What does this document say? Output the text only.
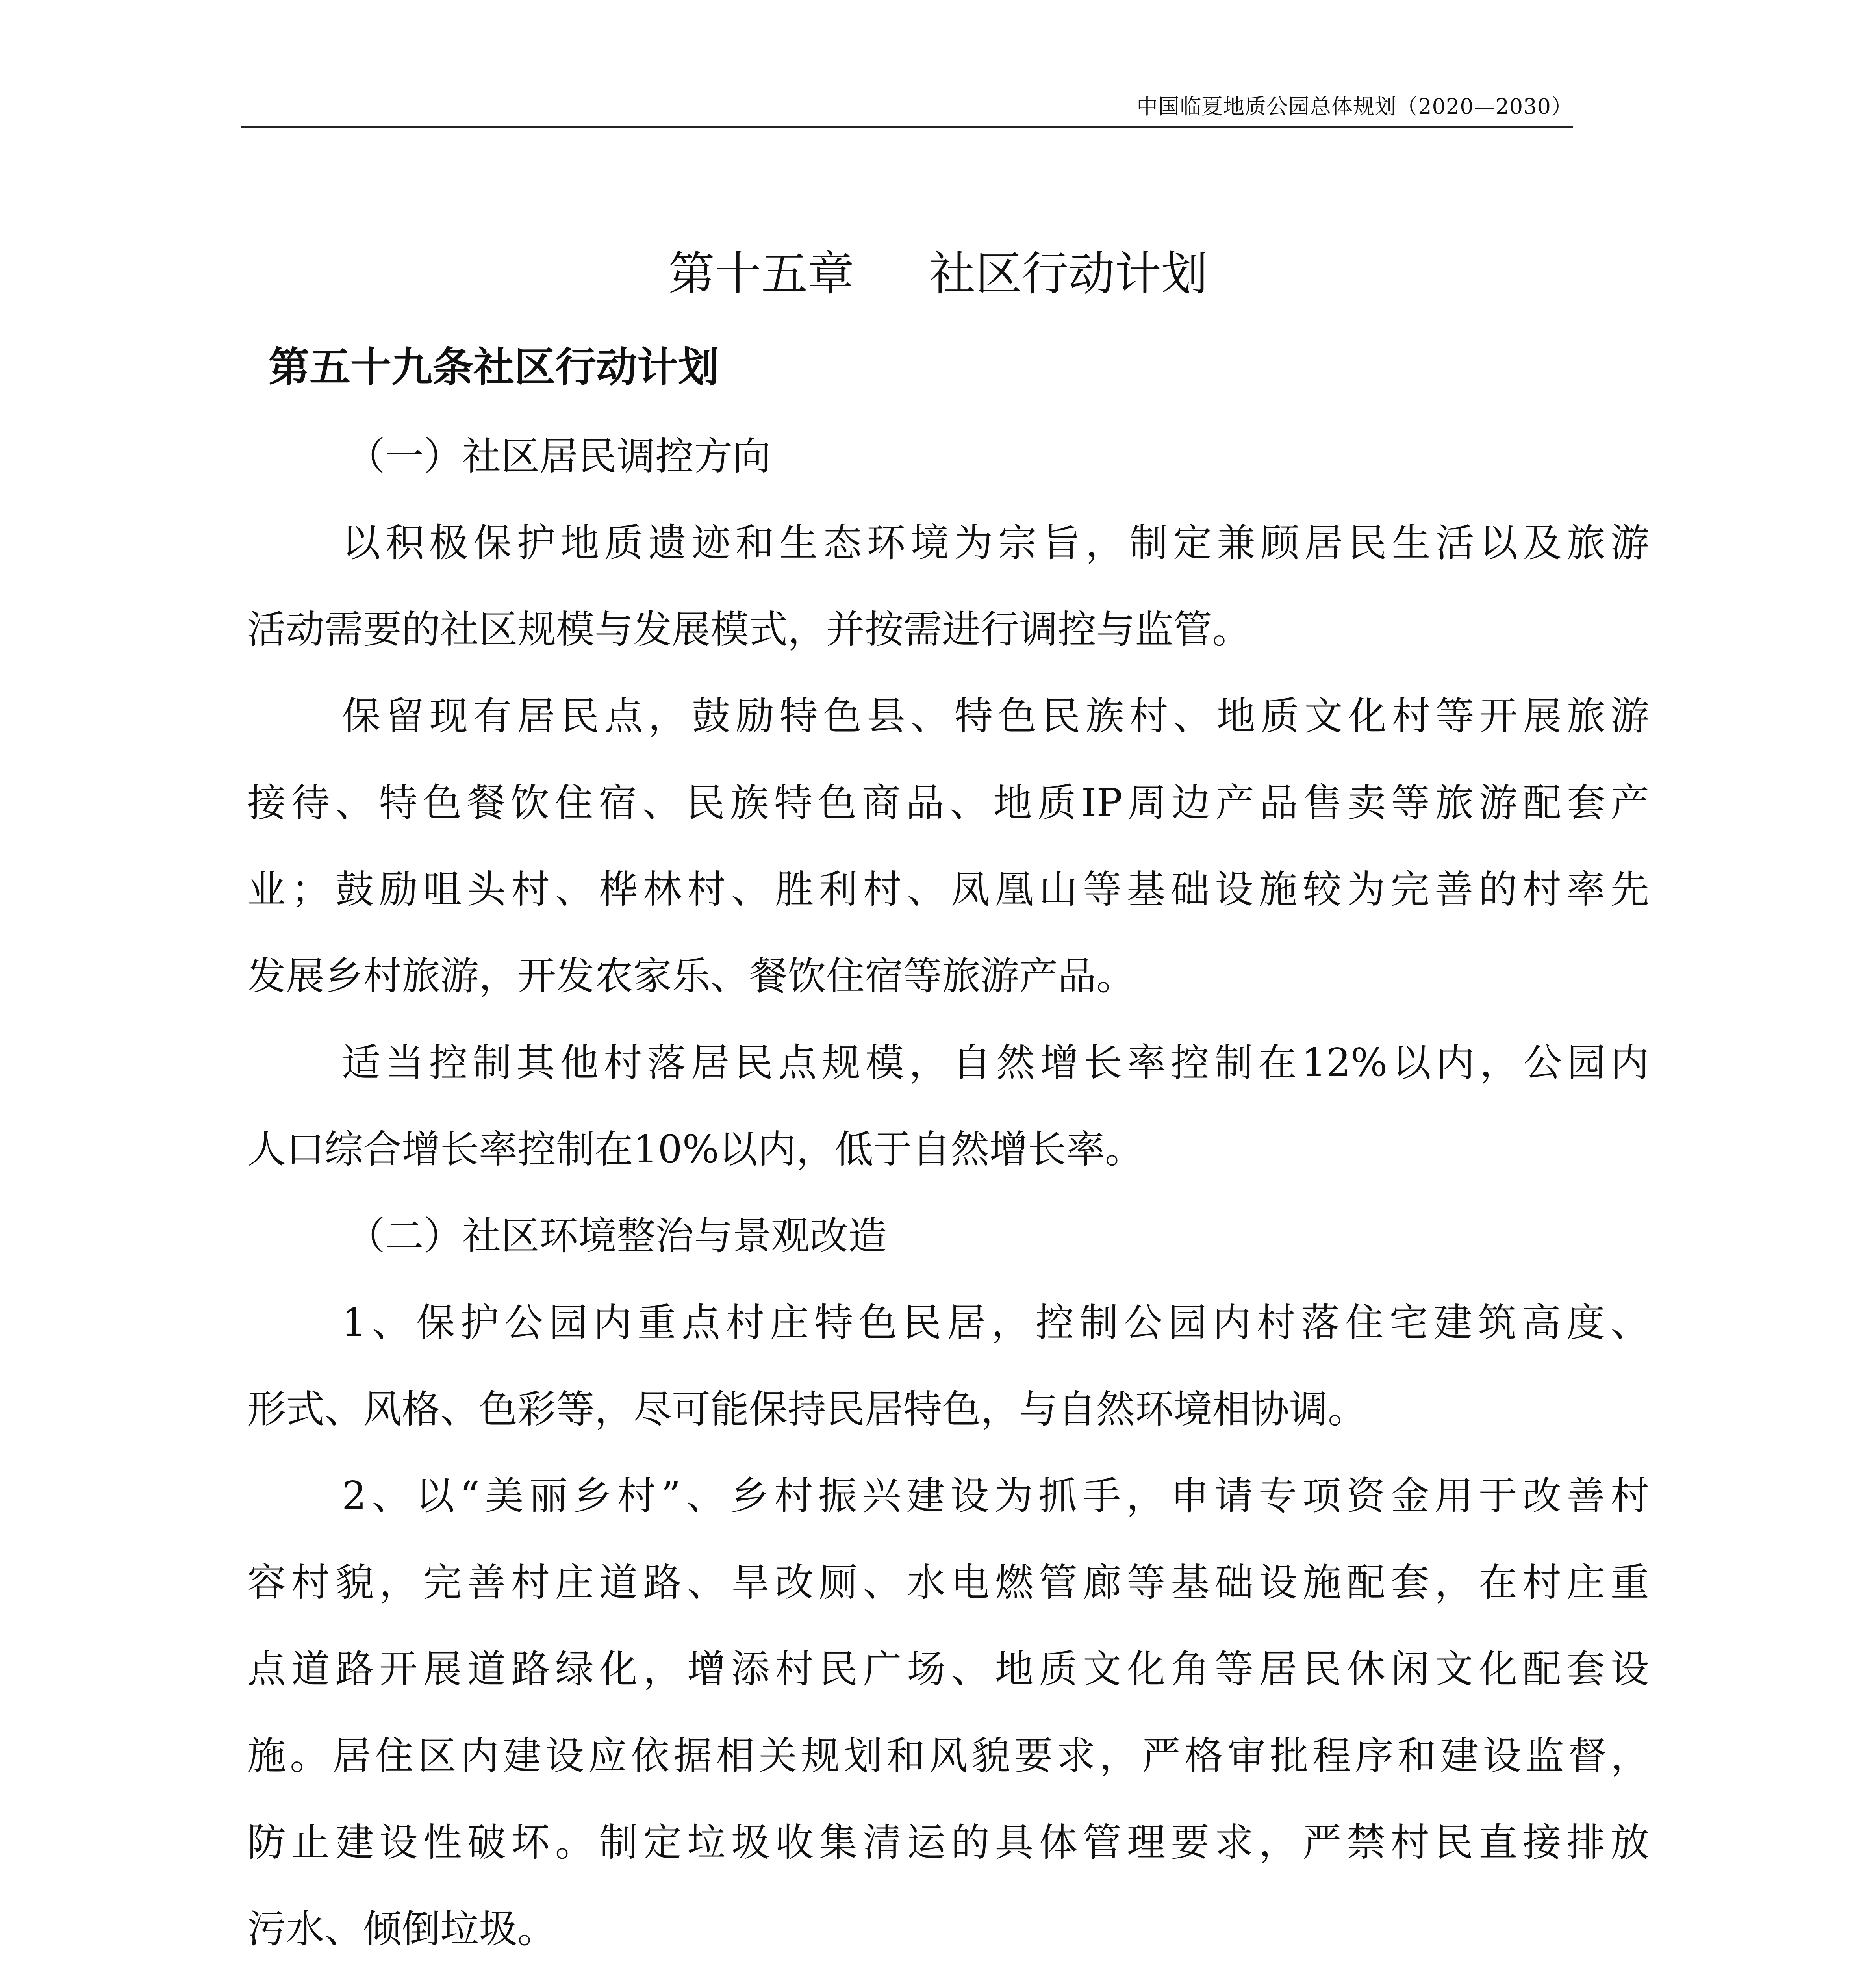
中国临夏地质公园总体规划（2020—2030）
第十五章 社区行动计划
第五十九条社区行动计划
（一）社区居民调控方向
以积极保护地质遗迹和生态环境为宗旨，制定兼顾居民生活以及旅游
活动需要的社区规模与发展模式，并按需进行调控与监管。
保留现有居民点，鼓励特色县、特色民族村、地质文化村等开展旅游
接待、特色餐饮住宿、民族特色商品、地质IP周边产品售卖等旅游配套产
业；鼓励咀头村、桦林村、胜利村、凤凰山等基础设施较为完善的村率先
发展乡村旅游，开发农家乐、餐饮住宿等旅游产品。
适当控制其他村落居民点规模，自然增长率控制在12%以内，公园内
人口综合增长率控制在10%以内，低于自然增长率。
（二）社区环境整治与景观改造
1、保护公园内重点村庄特色民居，控制公园内村落住宅建筑高度、
形式、风格、色彩等，尽可能保持民居特色，与自然环境相协调。
2、以“美丽乡村”、乡村振兴建设为抓手，申请专项资金用于改善村
容村貌，完善村庄道路、旱改厕、水电燃管廊等基础设施配套，在村庄重
点道路开展道路绿化，增添村民广场、地质文化角等居民休闲文化配套设
施。居住区内建设应依据相关规划和风貌要求，严格审批程序和建设监督，
防止建设性破坏。制定垃圾收集清运的具体管理要求，严禁村民直接排放
污水、倾倒垃圾。
